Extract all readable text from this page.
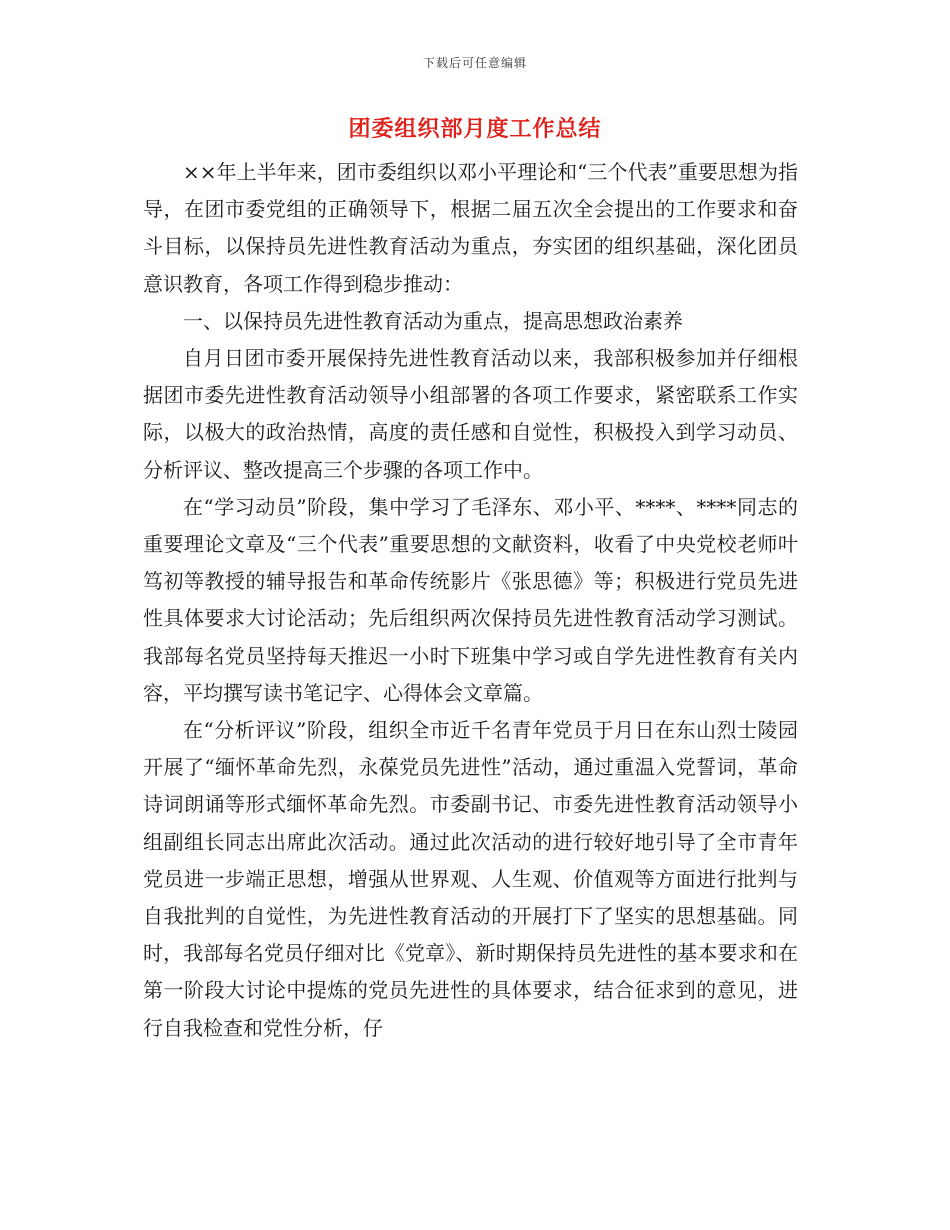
下载后可任意编辑
团委组织部月度工作总结

××年上半年来，团市委组织以邓小平理论和“三个代表”重要思想为指导，在团市委党组的正确领导下，根据二届五次全会提出的工作要求和奋斗目标，以保持员先进性教育活动为重点，夯实团的组织基础，深化团员意识教育，各项工作得到稳步推动：

一、以保持员先进性教育活动为重点，提高思想政治素养

自月日团市委开展保持先进性教育活动以来，我部积极参加并仔细根据团市委先进性教育活动领导小组部署的各项工作要求，紧密联系工作实际，以极大的政治热情，高度的责任感和自觉性，积极投入到学习动员、分析评议、整改提高三个步骤的各项工作中。

在“学习动员”阶段，集中学习了毛泽东、邓小平、****、****同志的重要理论文章及“三个代表”重要思想的文献资料，收看了中央党校老师叶笃初等教授的辅导报告和革命传统影片《张思德》等；积极进行党员先进性具体要求大讨论活动；先后组织两次保持员先进性教育活动学习测试。我部每名党员坚持每天推迟一小时下班集中学习或自学先进性教育有关内容，平均撰写读书笔记字、心得体会文章篇。

在“分析评议”阶段，组织全市近千名青年党员于月日在东山烈士陵园开展了“缅怀革命先烈，永葆党员先进性”活动，通过重温入党誓词，革命诗词朗诵等形式缅怀革命先烈。市委副书记、市委先进性教育活动领导小组副组长同志出席此次活动。通过此次活动的进行较好地引导了全市青年党员进一步端正思想，增强从世界观、人生观、价值观等方面进行批判与自我批判的自觉性，为先进性教育活动的开展打下了坚实的思想基础。同时，我部每名党员仔细对比《党章》、新时期保持员先进性的基本要求和在第一阶段大讨论中提炼的党员先进性的具体要求，结合征求到的意见，进行自我检查和党性分析，仔
